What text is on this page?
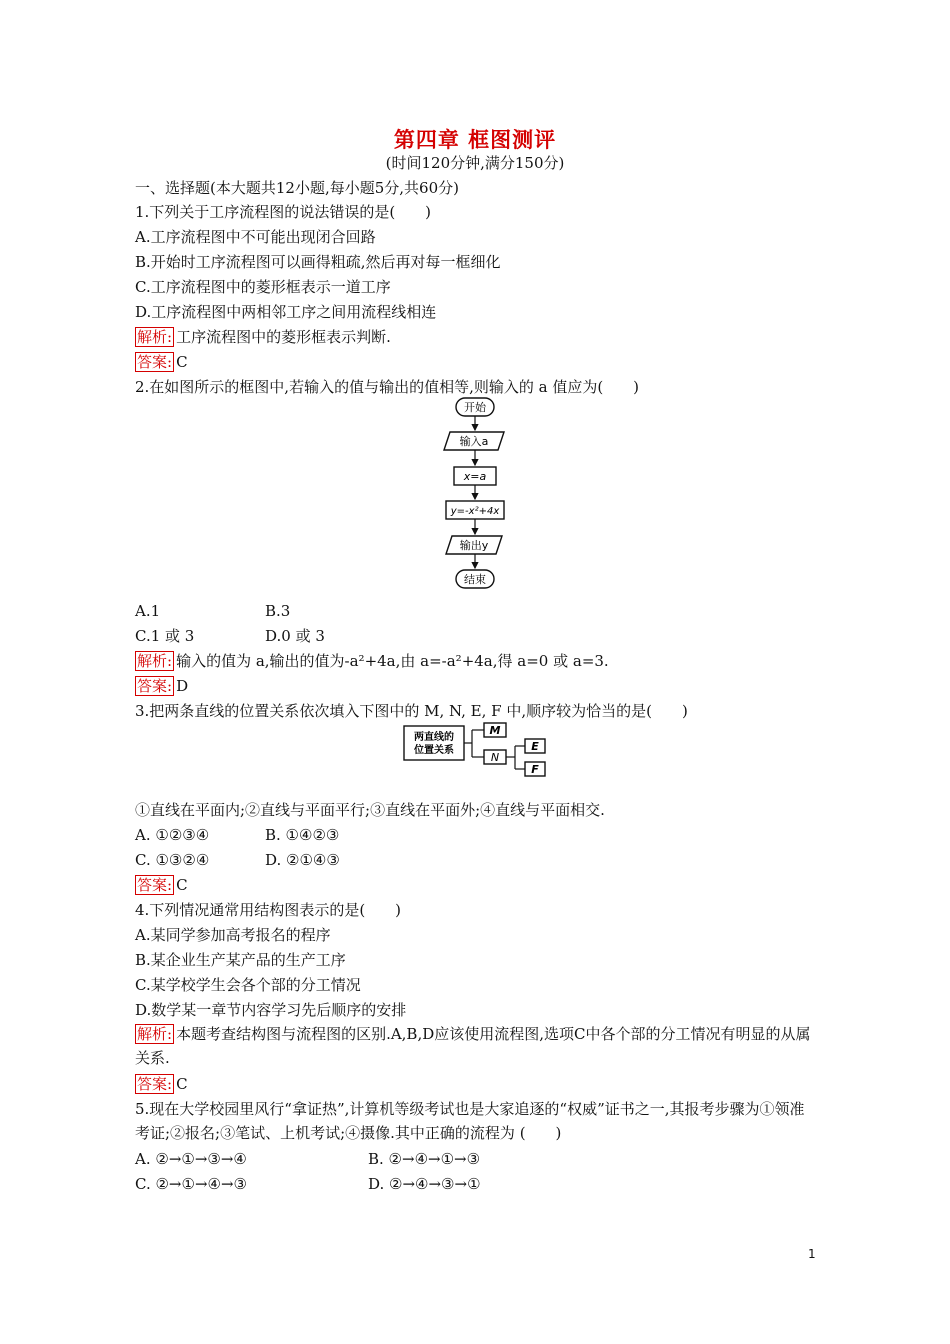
第四章 框图测评
(时间120分钟,满分150分)
一、选择题(本大题共12小题,每小题5分,共60分)
1.下列关于工序流程图的说法错误的是(　　)
A.工序流程图中不可能出现闭合回路
B.开始时工序流程图可以画得粗疏,然后再对每一框细化
C.工序流程图中的菱形框表示一道工序
D.工序流程图中两相邻工序之间用流程线相连
解析: 工序流程图中的菱形框表示判断.
答案: C
2.在如图所示的框图中,若输入的值与输出的值相等,则输入的 a 值应为(　　)
开始
输入a
x=a
y=-x²+4x
输出y
结束
A.1	B.3
C.1 或 3	D.0 或 3
解析: 输入的值为 a,输出的值为-a²+4a,由 a=-a²+4a,得 a=0 或 a=3.
答案: D
3.把两条直线的位置关系依次填入下图中的 M, N, E, F 中,顺序较为恰当的是(　　)
两直线的
位置关系
M
N
E
F
①直线在平面内;②直线与平面平行;③直线在平面外;④直线与平面相交.
A. ①②③④	B. ①④②③
C. ①③②④	D. ②①④③
答案: C
4.下列情况通常用结构图表示的是(　　)
A.某同学参加高考报名的程序
B.某企业生产某产品的生产工序
C.某学校学生会各个部的分工情况
D.数学某一章节内容学习先后顺序的安排
解析: 本题考查结构图与流程图的区别.A,B,D应该使用流程图,选项C中各个部的分工情况有明显的从属关系.
答案: C
5.现在大学校园里风行“拿证热”,计算机等级考试也是大家追逐的“权威”证书之一,其报考步骤为①领准考证;②报名;③笔试、上机考试;④摄像.其中正确的流程为 (　　)
A. ②→①→③→④	B. ②→④→①→③
C. ②→①→④→③	D. ②→④→③→①
1
